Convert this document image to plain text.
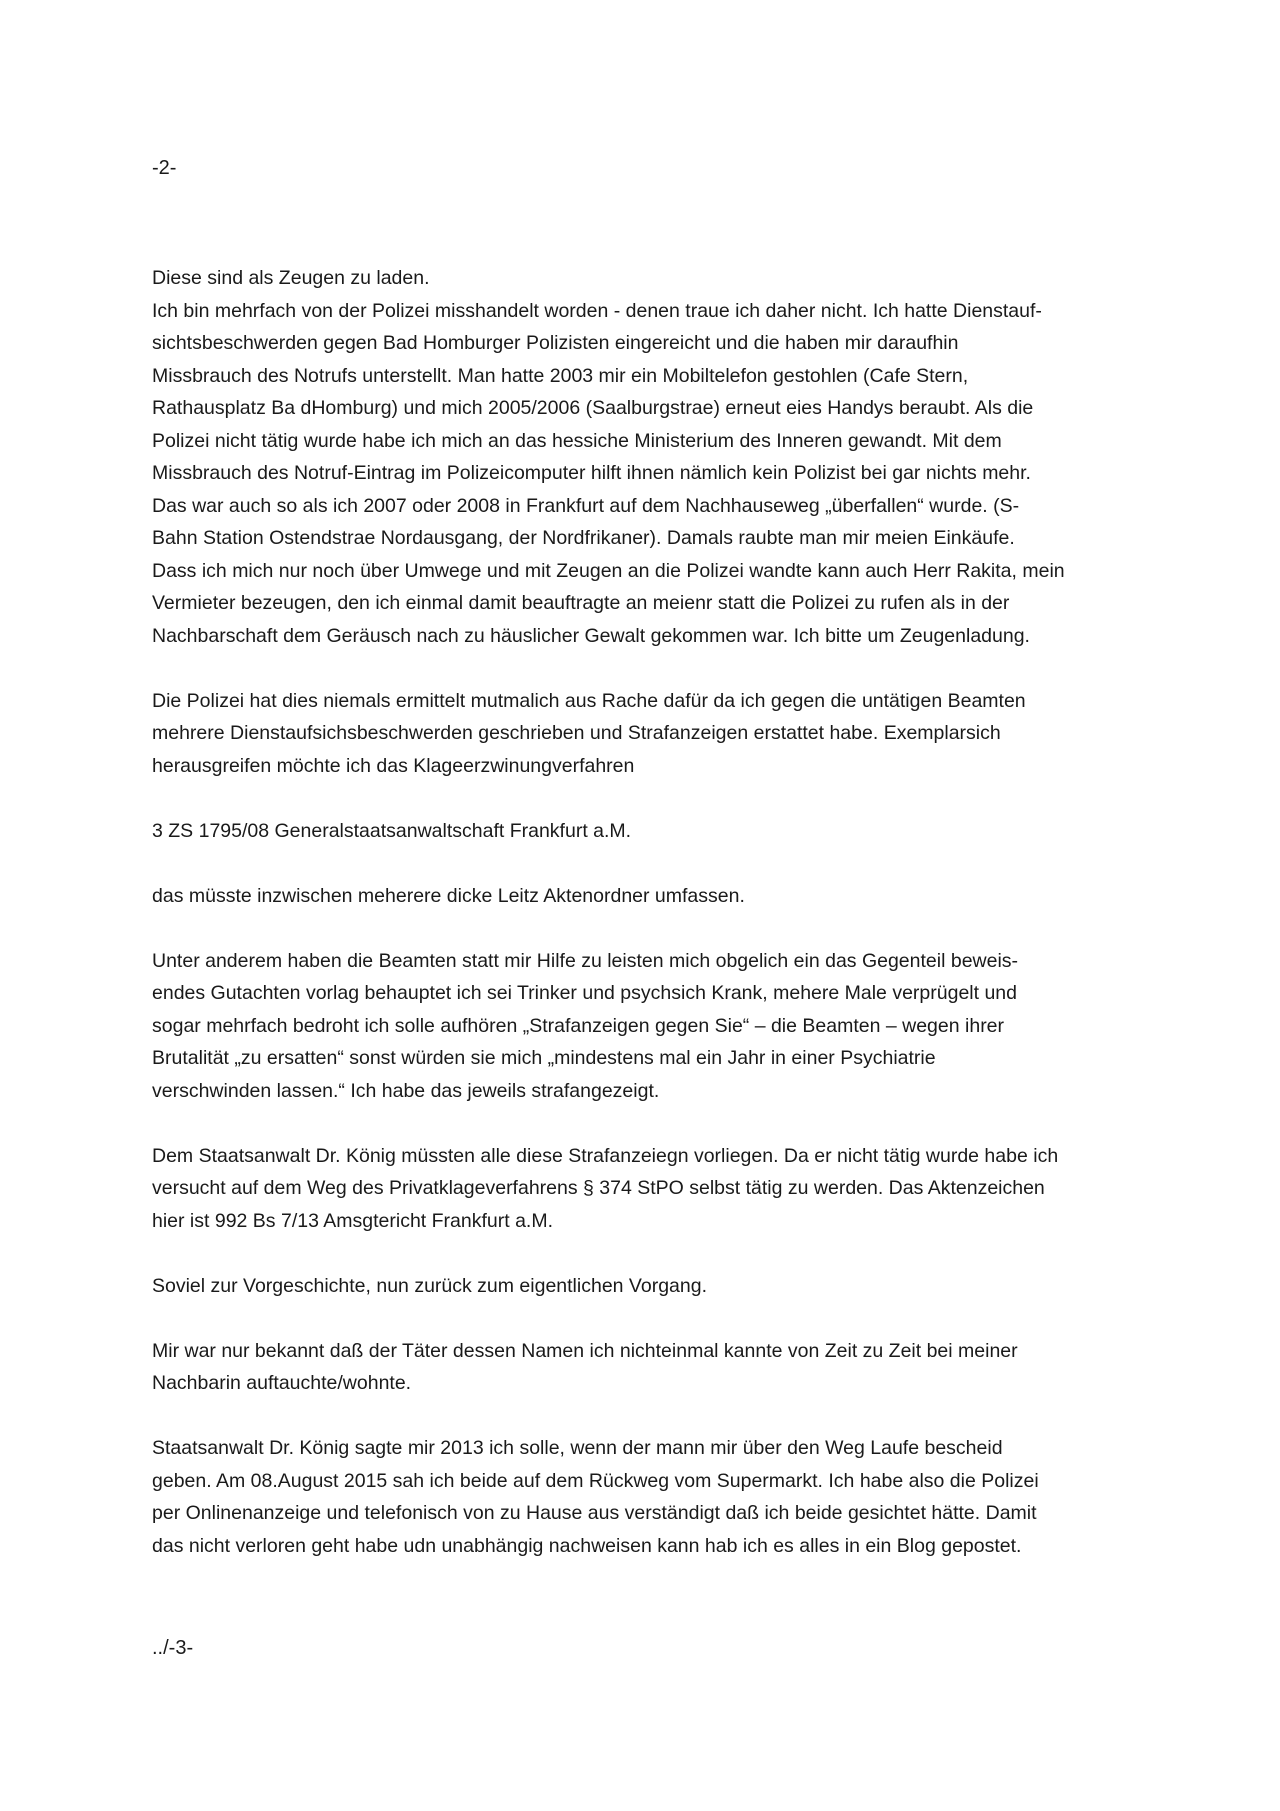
-2-
Diese sind als Zeugen zu laden.
Ich bin mehrfach von der Polizei misshandelt worden - denen traue ich daher nicht. Ich hatte Dienstauf-
sichtsbeschwerden gegen Bad Homburger Polizisten eingereicht und die haben mir daraufhin
Missbrauch des Notrufs unterstellt. Man hatte 2003 mir ein Mobiltelefon gestohlen (Cafe Stern,
Rathausplatz Ba dHomburg) und mich 2005/2006 (Saalburgstrae) erneut eies Handys beraubt. Als die
Polizei nicht tätig wurde habe ich mich an das hessiche Ministerium des Inneren gewandt. Mit dem
Missbrauch des Notruf-Eintrag im Polizeicomputer hilft ihnen nämlich kein Polizist bei gar nichts mehr.
Das war auch so als ich 2007 oder 2008 in Frankfurt auf dem Nachhauseweg „überfallen“ wurde. (S-
Bahn Station Ostendstrae Nordausgang, der Nordfrikaner). Damals raubte man mir meien Einkäufe.
Dass ich mich nur noch über Umwege und mit Zeugen an die Polizei wandte kann auch Herr Rakita, mein
Vermieter bezeugen, den ich einmal damit beauftragte an meienr statt die Polizei zu rufen als in der
Nachbarschaft dem Geräusch nach zu häuslicher Gewalt gekommen war. Ich bitte um Zeugenladung.
Die Polizei hat dies niemals ermittelt mutmalich aus Rache dafür da ich gegen die untätigen Beamten
mehrere Dienstaufsichsbeschwerden geschrieben und Strafanzeigen erstattet habe. Exemplarsich
herausgreifen möchte ich das Klageerzwinungverfahren
3 ZS 1795/08 Generalstaatsanwaltschaft Frankfurt a.M.
das müsste inzwischen meherere dicke Leitz Aktenordner umfassen.
Unter anderem haben die Beamten statt mir Hilfe zu leisten mich obgelich ein das Gegenteil beweis-
endes Gutachten vorlag behauptet ich sei Trinker und psychsich Krank, mehere Male verprügelt und
sogar mehrfach bedroht ich solle aufhören „Strafanzeigen gegen Sie“ – die Beamten – wegen ihrer
Brutalität „zu ersatten“ sonst würden sie mich „mindestens mal ein Jahr in einer Psychiatrie
verschwinden lassen.“ Ich habe das jeweils strafangezeigt.
Dem Staatsanwalt Dr. König müssten alle diese Strafanzeiegn vorliegen. Da er nicht tätig wurde habe ich
versucht auf dem Weg des Privatklageverfahrens § 374 StPO selbst tätig zu werden. Das Aktenzeichen
hier ist 992 Bs 7/13 Amsgtericht Frankfurt a.M.
Soviel zur Vorgeschichte, nun zurück zum eigentlichen Vorgang.
Mir war nur bekannt daß der Täter dessen Namen ich nichteinmal kannte von Zeit zu Zeit bei meiner
Nachbarin auftauchte/wohnte.
Staatsanwalt Dr. König sagte mir 2013 ich solle, wenn der mann mir über den Weg Laufe bescheid
geben. Am 08.August 2015 sah ich beide auf dem Rückweg vom Supermarkt. Ich habe also die Polizei
per Onlinenanzeige und telefonisch von zu Hause aus verständigt daß ich beide gesichtet hätte. Damit
das nicht verloren geht habe udn unabhängig nachweisen kann hab ich es alles in ein Blog gepostet.
../-3-
